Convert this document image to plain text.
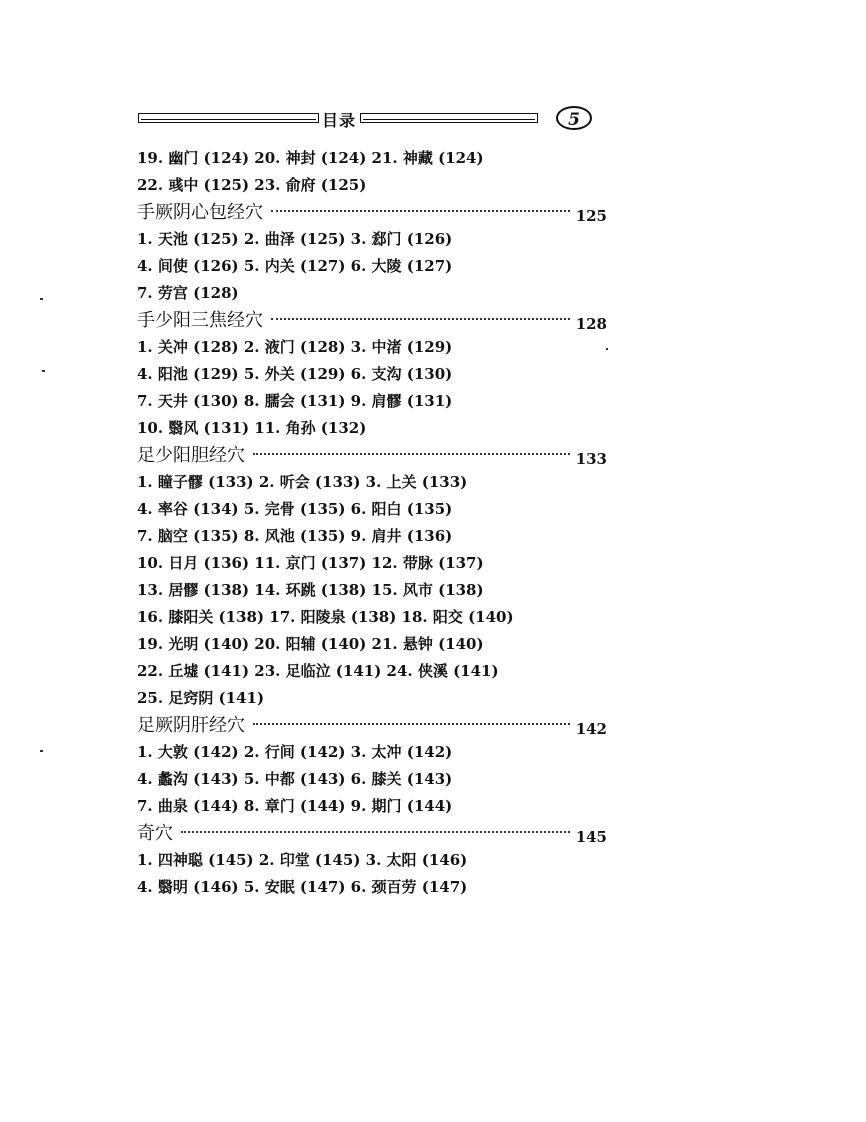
目录	5
19. 幽门 (124) 20. 神封 (124) 21. 神藏 (124)
22. 彧中 (125) 23. 俞府 (125)
手厥阴心包经穴	125
1. 天池 (125) 2. 曲泽 (125) 3. 郄门 (126)
4. 间使 (126) 5. 内关 (127) 6. 大陵 (127)
7. 劳宫 (128)
手少阳三焦经穴	128
1. 关冲 (128) 2. 液门 (128) 3. 中渚 (129)
4. 阳池 (129) 5. 外关 (129) 6. 支沟 (130)
7. 天井 (130) 8. 臑会 (131) 9. 肩髎 (131)
10. 翳风 (131) 11. 角孙 (132)
足少阳胆经穴	133
1. 瞳子髎 (133) 2. 听会 (133) 3. 上关 (133)
4. 率谷 (134) 5. 完骨 (135) 6. 阳白 (135)
7. 脑空 (135) 8. 风池 (135) 9. 肩井 (136)
10. 日月 (136) 11. 京门 (137) 12. 带脉 (137)
13. 居髎 (138) 14. 环跳 (138) 15. 风市 (138)
16. 膝阳关 (138) 17. 阳陵泉 (138) 18. 阳交 (140)
19. 光明 (140) 20. 阳辅 (140) 21. 悬钟 (140)
22. 丘墟 (141) 23. 足临泣 (141) 24. 侠溪 (141)
25. 足窍阴 (141)
足厥阴肝经穴	142
1. 大敦 (142) 2. 行间 (142) 3. 太冲 (142)
4. 蠡沟 (143) 5. 中都 (143) 6. 膝关 (143)
7. 曲泉 (144) 8. 章门 (144) 9. 期门 (144)
奇穴	145
1. 四神聪 (145) 2. 印堂 (145) 3. 太阳 (146)
4. 翳明 (146) 5. 安眠 (147) 6. 颈百劳 (147)
